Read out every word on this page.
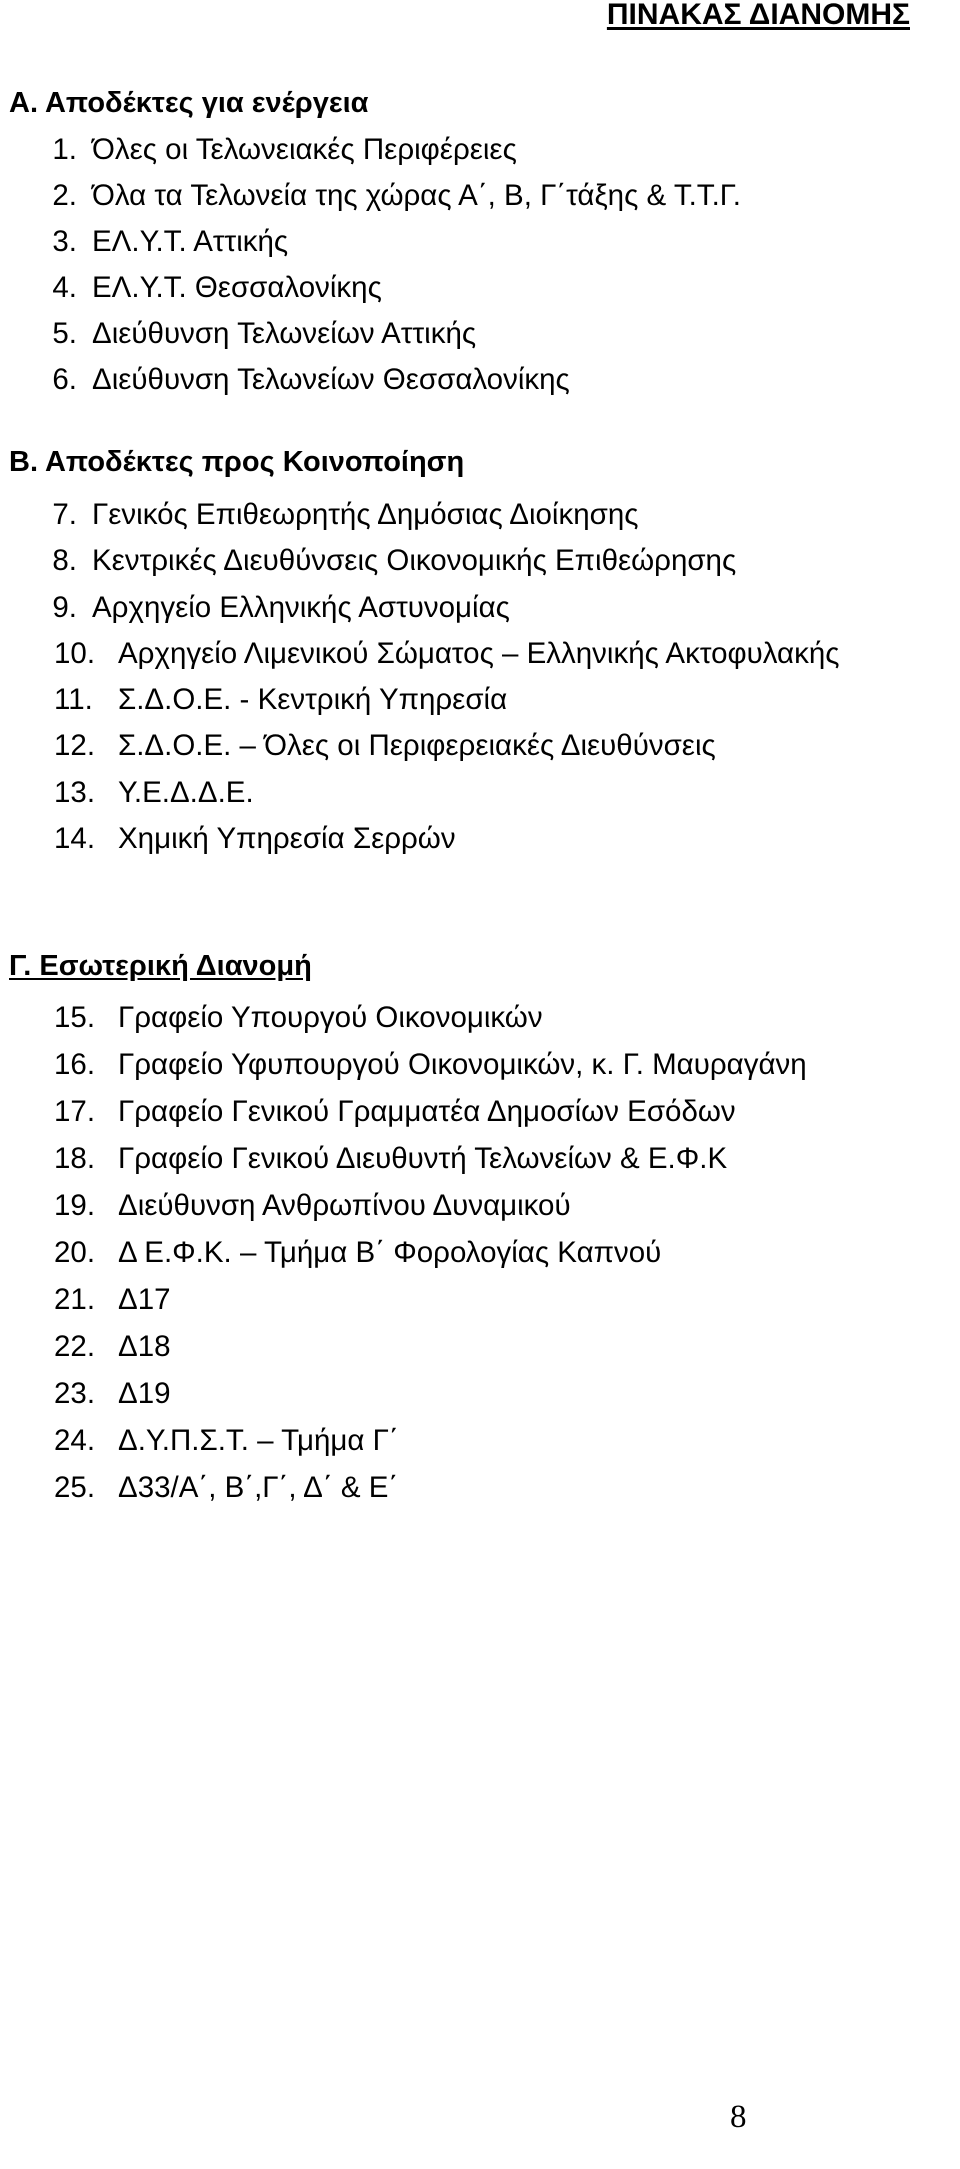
ΠΙΝΑΚΑΣ ΔΙΑΝΟΜΗΣ
Α. Αποδέκτες για ενέργεια
1. Όλες οι Τελωνειακές Περιφέρειες
2. Όλα τα Τελωνεία της χώρας Α΄, Β, Γ΄τάξης & Τ.Τ.Γ.
3. ΕΛ.Υ.Τ. Αττικής
4. ΕΛ.Υ.Τ. Θεσσαλονίκης
5. Διεύθυνση Τελωνείων Αττικής
6. Διεύθυνση Τελωνείων Θεσσαλονίκης
Β. Αποδέκτες προς Κοινοποίηση
7. Γενικός Επιθεωρητής Δημόσιας Διοίκησης
8. Κεντρικές Διευθύνσεις Οικονομικής Επιθεώρησης
9. Αρχηγείο Ελληνικής Αστυνομίας
10. Αρχηγείο Λιμενικού Σώματος – Ελληνικής Ακτοφυλακής
11. Σ.Δ.Ο.Ε. - Κεντρική Υπηρεσία
12. Σ.Δ.Ο.Ε. – Όλες οι Περιφερειακές Διευθύνσεις
13. Υ.Ε.Δ.Δ.Ε.
14. Χημική Υπηρεσία Σερρών
Γ. Εσωτερική Διανομή
15. Γραφείο Υπουργού Οικονομικών
16. Γραφείο Υφυπουργού Οικονομικών, κ. Γ. Μαυραγάνη
17. Γραφείο Γενικού Γραμματέα Δημοσίων Εσόδων
18. Γραφείο Γενικού Διευθυντή Τελωνείων & Ε.Φ.Κ
19. Διεύθυνση Ανθρωπίνου Δυναμικού
20. Δ Ε.Φ.Κ. – Τμήμα Β΄ Φορολογίας Καπνού
21. Δ17
22. Δ18
23. Δ19
24. Δ.Υ.Π.Σ.Τ. – Τμήμα Γ΄
25. Δ33/Α΄, Β΄,Γ΄, Δ΄ & Ε΄
8
